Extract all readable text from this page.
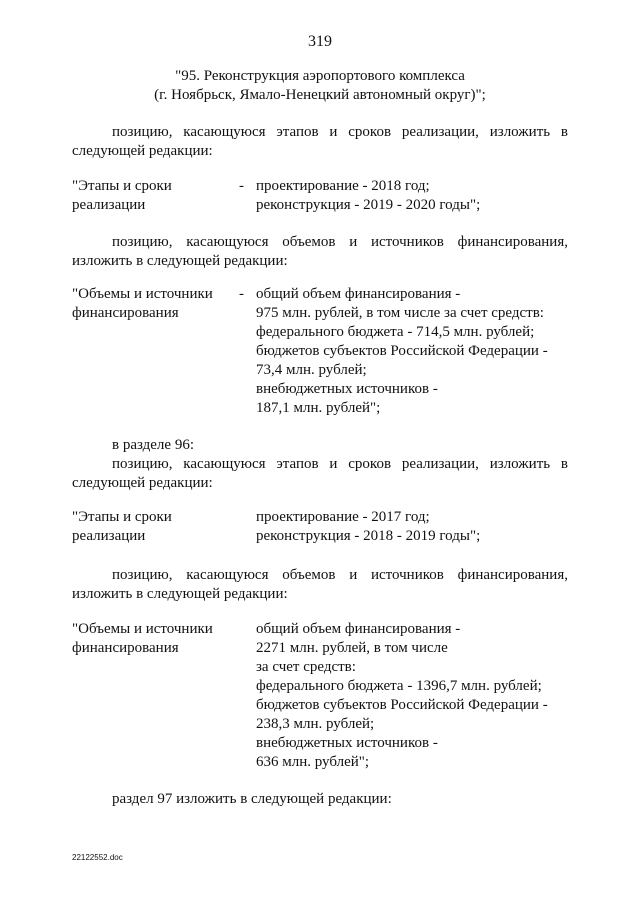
319
"95. Реконструкция аэропортового комплекса
(г. Ноябрьск, Ямало-Ненецкий автономный округ)";
позицию, касающуюся этапов и сроков реализации, изложить в
следующей редакции:
"Этапы и сроки
реализации
- проектирование - 2018 год;
реконструкция - 2019 - 2020 годы";
позицию, касающуюся объемов и источников финансирования,
изложить в следующей редакции:
"Объемы и источники
финансирования
- общий объем финансирования -
975 млн. рублей, в том числе за счет средств:
федерального бюджета - 714,5 млн. рублей;
бюджетов субъектов Российской Федерации -
73,4 млн. рублей;
внебюджетных источников -
187,1 млн. рублей";
в разделе 96:
позицию, касающуюся этапов и сроков реализации, изложить в
следующей редакции:
"Этапы и сроки
реализации
проектирование - 2017 год;
реконструкция - 2018 - 2019 годы";
позицию, касающуюся объемов и источников финансирования,
изложить в следующей редакции:
"Объемы и источники
финансирования
общий объем финансирования -
2271 млн. рублей, в том числе
за счет средств:
федерального бюджета - 1396,7 млн. рублей;
бюджетов субъектов Российской Федерации -
238,3 млн. рублей;
внебюджетных источников -
636 млн. рублей";
раздел 97 изложить в следующей редакции:
22122552.doc
